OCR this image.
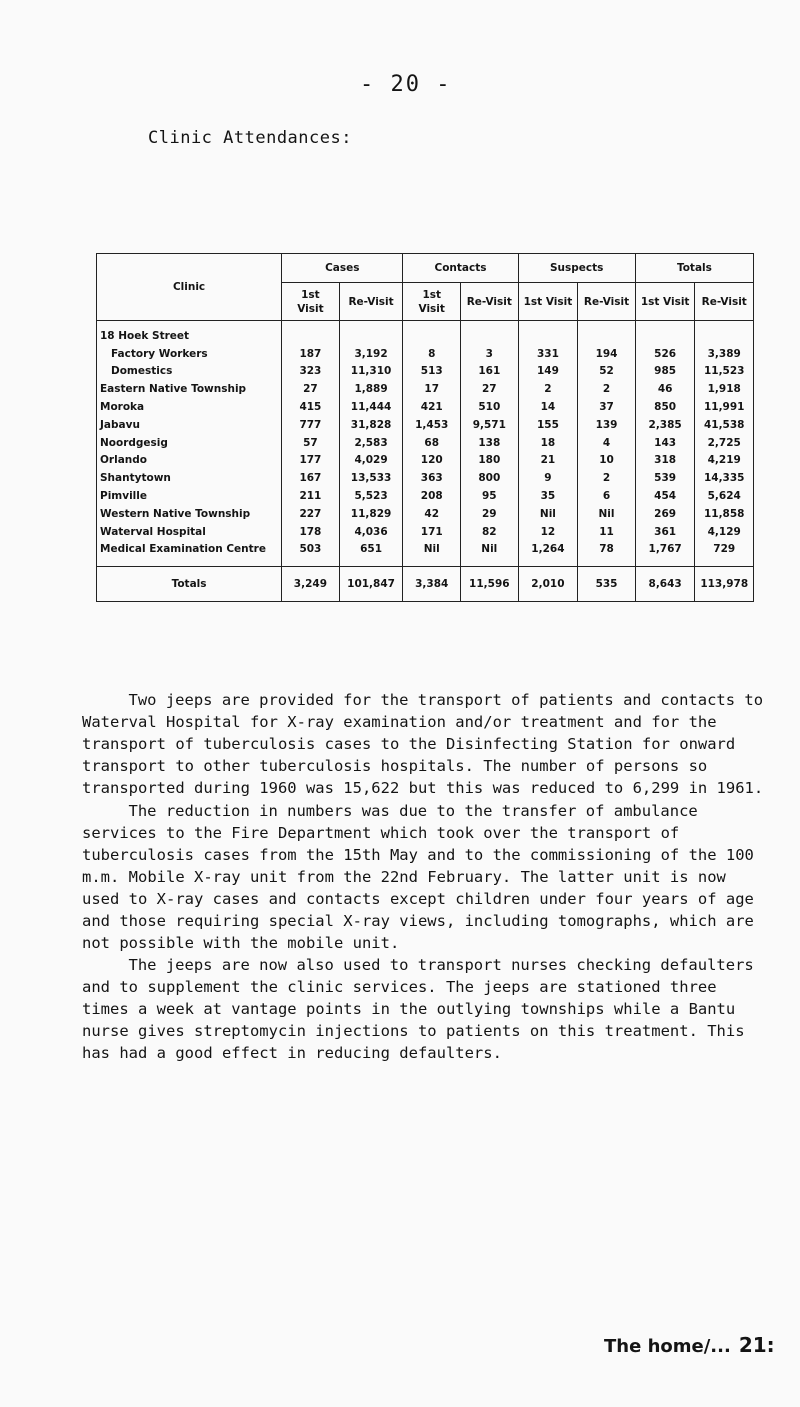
- 20 -
Clinic Attendances:
Clinic	Cases		Contacts		Suspects		Totals	
	1st Visit	Re-Visit	1st Visit	Re-Visit	1st Visit	Re-Visit	1st Visit	Re-Visit
18 Hoek Street								
Factory Workers	187	3,192	8	3	331	194	526	3,389
Domestics	323	11,310	513	161	149	52	985	11,523
Eastern Native Township	27	1,889	17	27	2	2	46	1,918
Moroka	415	11,444	421	510	14	37	850	11,991
Jabavu	777	31,828	1,453	9,571	155	139	2,385	41,538
Noordgesig	57	2,583	68	138	18	4	143	2,725
Orlando	177	4,029	120	180	21	10	318	4,219
Shantytown	167	13,533	363	800	9	2	539	14,335
Pimville	211	5,523	208	95	35	6	454	5,624
Western Native Township	227	11,829	42	29	Nil	Nil	269	11,858
Waterval Hospital	178	4,036	171	82	12	11	361	4,129
Medical Examination Centre	503	651	Nil	Nil	1,264	78	1,767	729
Totals	3,249	101,847	3,384	11,596	2,010	535	8,643	113,978

Two jeeps are provided for the transport of patients and contacts to Waterval Hospital for X-ray examination and/or treatment and for the transport of tuberculosis cases to the Disinfecting Station for onward transport to other tuberculosis hospitals. The number of persons so transported during 1960 was 15,622 but this was reduced to 6,299 in 1961.

The reduction in numbers was due to the transfer of ambulance services to the Fire Department which took over the transport of tuberculosis cases from the 15th May and to the commissioning of the 100 m.m. Mobile X-ray unit from the 22nd February. The latter unit is now used to X-ray cases and contacts except children under four years of age and those requiring special X-ray views, including tomographs, which are not possible with the mobile unit.

The jeeps are now also used to transport nurses checking defaulters and to supplement the clinic services. The jeeps are stationed three times a week at vantage points in the outlying townships while a Bantu nurse gives streptomycin injections to patients on this treatment. This has had a good effect in reducing defaulters.

The home/... 21:
